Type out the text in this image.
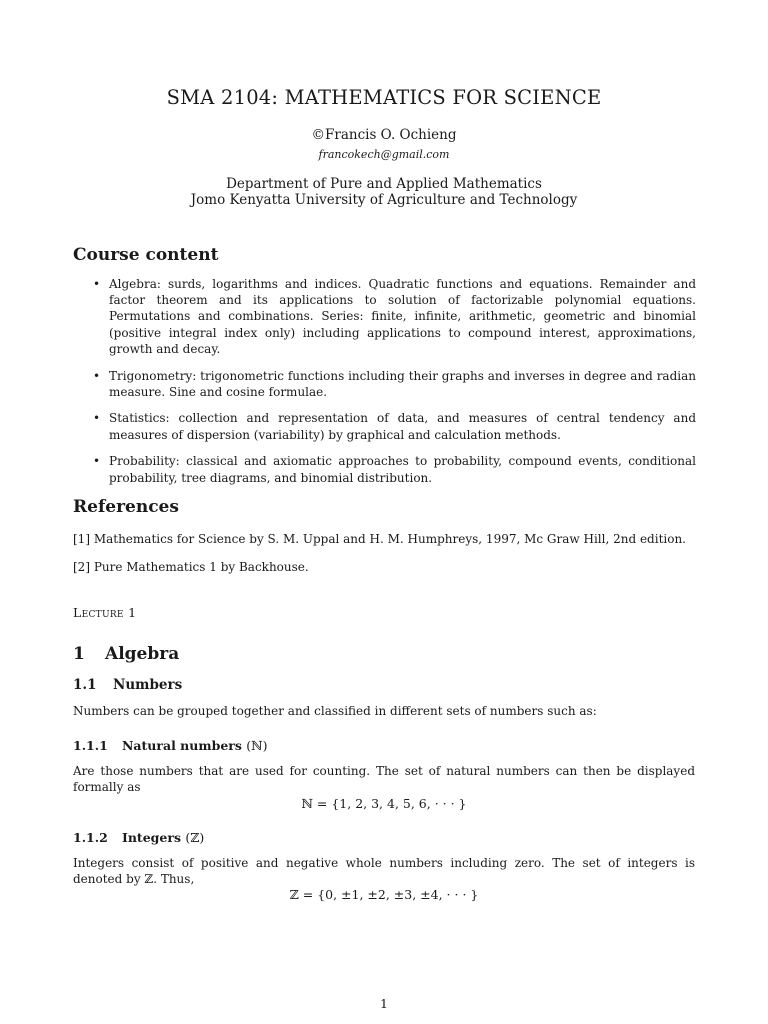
SMA 2104: MATHEMATICS FOR SCIENCE
©Francis O. Ochieng
francokech@gmail.com
Department of Pure and Applied Mathematics
Jomo Kenyatta University of Agriculture and Technology
Course content
• Algebra: surds, logarithms and indices. Quadratic functions and equations. Remainder and factor theorem and its applications to solution of factorizable polynomial equations. Permutations and combinations. Series: finite, infinite, arithmetic, geometric and binomial (positive integral index only) including applications to compound interest, approximations, growth and decay.
• Trigonometry: trigonometric functions including their graphs and inverses in degree and radian measure. Sine and cosine formulae.
• Statistics: collection and representation of data, and measures of central tendency and measures of dispersion (variability) by graphical and calculation methods.
• Probability: classical and axiomatic approaches to probability, compound events, conditional probability, tree diagrams, and binomial distribution.
References
[1] Mathematics for Science by S. M. Uppal and H. M. Humphreys, 1997, Mc Graw Hill, 2nd edition.
[2] Pure Mathematics 1 by Backhouse.
Lecture 1
1 Algebra
1.1 Numbers
Numbers can be grouped together and classified in different sets of numbers such as:
1.1.1 Natural numbers (ℕ)
Are those numbers that are used for counting. The set of natural numbers can then be displayed formally as
ℕ = {1, 2, 3, 4, 5, 6, · · · }
1.1.2 Integers (ℤ)
Integers consist of positive and negative whole numbers including zero. The set of integers is denoted by ℤ. Thus,
ℤ = {0, ±1, ±2, ±3, ±4, · · · }
1
